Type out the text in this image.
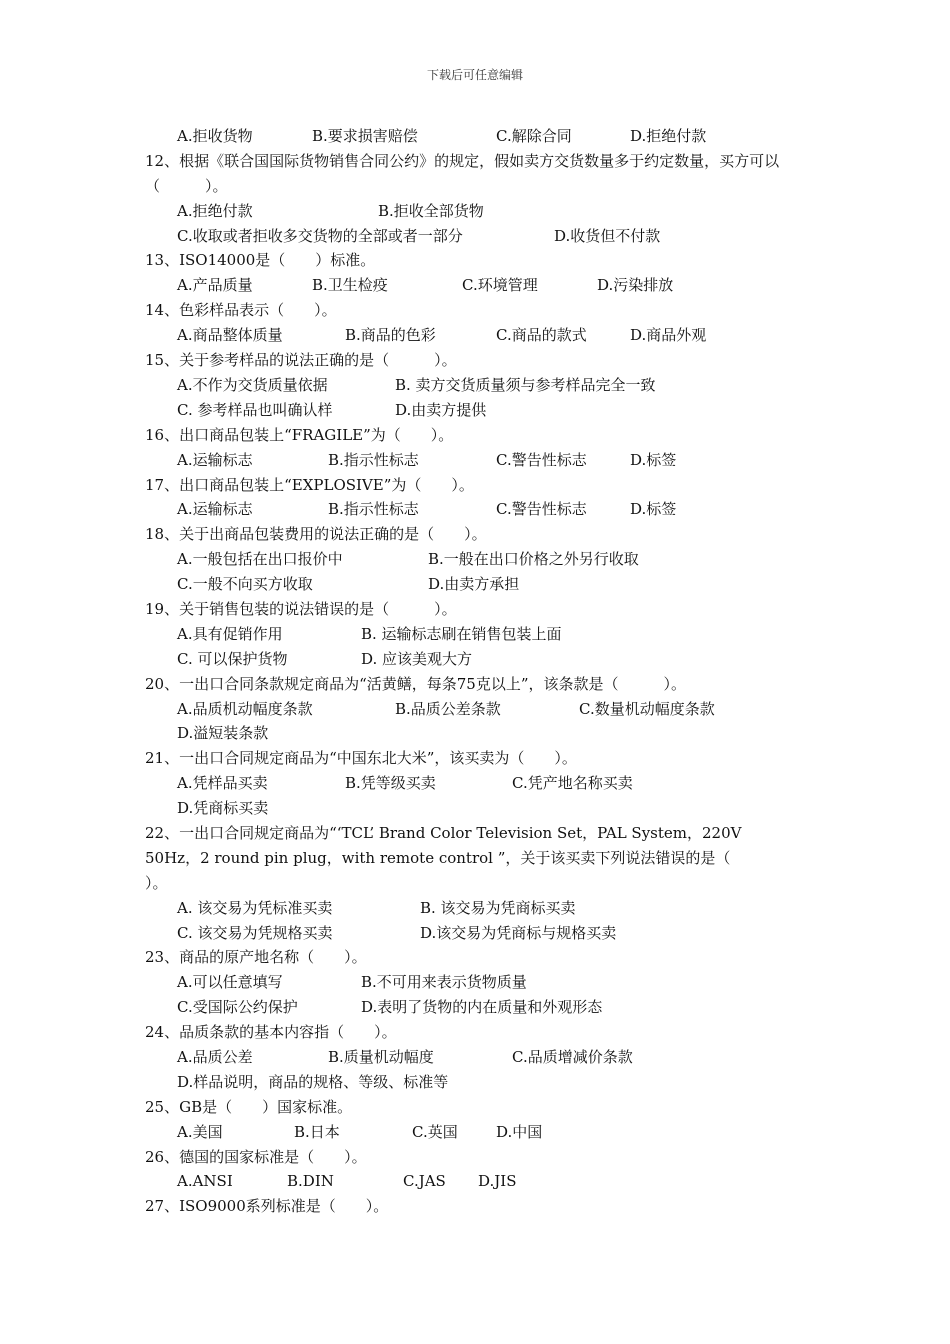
下载后可任意编辑
A.拒收货物	B.要求损害赔偿	C.解除合同	D.拒绝付款
12、根据《联合国国际货物销售合同公约》的规定，假如卖方交货数量多于约定数量，买方可以（　　　）。
A.拒绝付款	B.拒收全部货物
C.收取或者拒收多交货物的全部或者一部分	D.收货但不付款
13、ISO14000是（　　）标准。
A.产品质量	B.卫生检疫	C.环境管理	D.污染排放
14、色彩样品表示（　　）。
A.商品整体质量	B.商品的色彩	C.商品的款式	D.商品外观
15、关于参考样品的说法正确的是（　　　）。
A.不作为交货质量依据	B. 卖方交货质量须与参考样品完全一致
C. 参考样品也叫确认样	D.由卖方提供
16、出口商品包装上“FRAGILE”为（　　）。
A.运输标志	B.指示性标志	C.警告性标志	D.标签
17、出口商品包装上“EXPLOSIVE”为（　　）。
A.运输标志	B.指示性标志	C.警告性标志	D.标签
18、关于出商品包装费用的说法正确的是（　　）。
A.一般包括在出口报价中	B.一般在出口价格之外另行收取
C.一般不向买方收取	D.由卖方承担
19、关于销售包装的说法错误的是（　　　）。
A.具有促销作用	B. 运输标志刷在销售包装上面
C. 可以保护货物	D. 应该美观大方
20、一出口合同条款规定商品为“活黄鳝，每条75克以上”，该条款是（　　　）。
A.品质机动幅度条款	B.品质公差条款	C.数量机动幅度条款
D.溢短装条款
21、一出口合同规定商品为“中国东北大米”，该买卖为（　　）。
A.凭样品买卖	B.凭等级买卖	C.凭产地名称买卖
D.凭商标买卖
22、一出口合同规定商品为“‘TCL’ Brand Color Television Set，PAL System，220V
50Hz，2 round pin plug，with remote control ”，关于该买卖下列说法错误的是（
）。
A. 该交易为凭标准买卖	B. 该交易为凭商标买卖
C. 该交易为凭规格买卖	D.该交易为凭商标与规格买卖
23、商品的原产地名称（　　）。
A.可以任意填写	B.不可用来表示货物质量
C.受国际公约保护	D.表明了货物的内在质量和外观形态
24、品质条款的基本内容指（　　）。
A.品质公差	B.质量机动幅度	C.品质增减价条款
D.样品说明，商品的规格、等级、标准等
25、GB是（　　）国家标准。
A.美国	B.日本	C.英国	D.中国
26、德国的国家标准是（　　）。
A.ANSI	B.DIN	C.JAS D.JIS
27、ISO9000系列标准是（　　）。
